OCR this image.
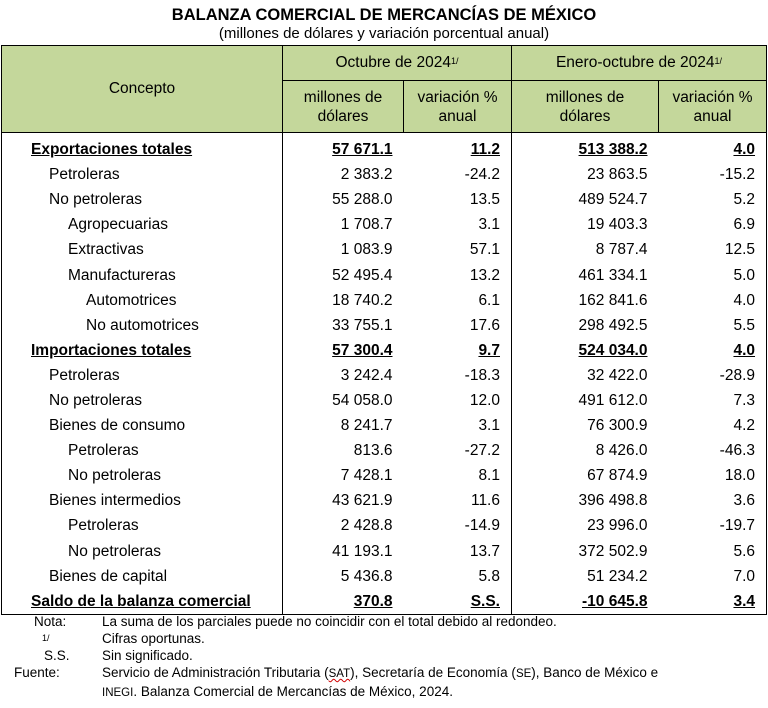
BALANZA COMERCIAL DE MERCANCÍAS DE MÉXICO
(millones de dólares y variación porcentual anual)
Concepto	Octubre de $2024^{1/}$		Enero-octubre de $2024^{1/}$
	millones de dólares	variación % anual	millones de dólares	variación % anual
Exportaciones totales	57 671.1	11.2	513 388.2	4.0
Petroleras	2 383.2	-24.2	23 863.5	-15.2
No petroleras	55 288.0	13.5	489 524.7	5.2
Agropecuarias	1 708.7	3.1	19 403.3	6.9
Extractivas	1 083.9	57.1	8 787.4	12.5
Manufactureras	52 495.4	13.2	461 334.1	5.0
Automotrices	18 740.2	6.1	162 841.6	4.0
No automotrices	33 755.1	17.6	298 492.5	5.5
Importaciones totales	57 300.4	9.7	524 034.0	4.0
Petroleras	3 242.4	-18.3	32 422.0	-28.9
No petroleras	54 058.0	12.0	491 612.0	7.3
Bienes de consumo	8 241.7	3.1	76 300.9	4.2
Petroleras	813.6	-27.2	8 426.0	-46.3
No petroleras	7 428.1	8.1	67 874.9	18.0
Bienes intermedios	43 621.9	11.6	396 498.8	3.6
Petroleras	2 428.8	-14.9	23 996.0	-19.7
No petroleras	41 193.1	13.7	372 502.9	5.6
Bienes de capital	5 436.8	5.8	51 234.2	7.0
Saldo de la balanza comercial	370.8	S.S.	-10 645.8	3.4
Nota:	La suma de los parciales puede no coincidir con el total debido al redondeo.
1/	Cifras oportunas.
S.S.	Sin significado.
Fuente:	Servicio de Administración Tributaria (SAT), Secretaría de Economía (SE), Banco de México e
INEGI. Balanza Comercial de Mercancías de México, 2024.
